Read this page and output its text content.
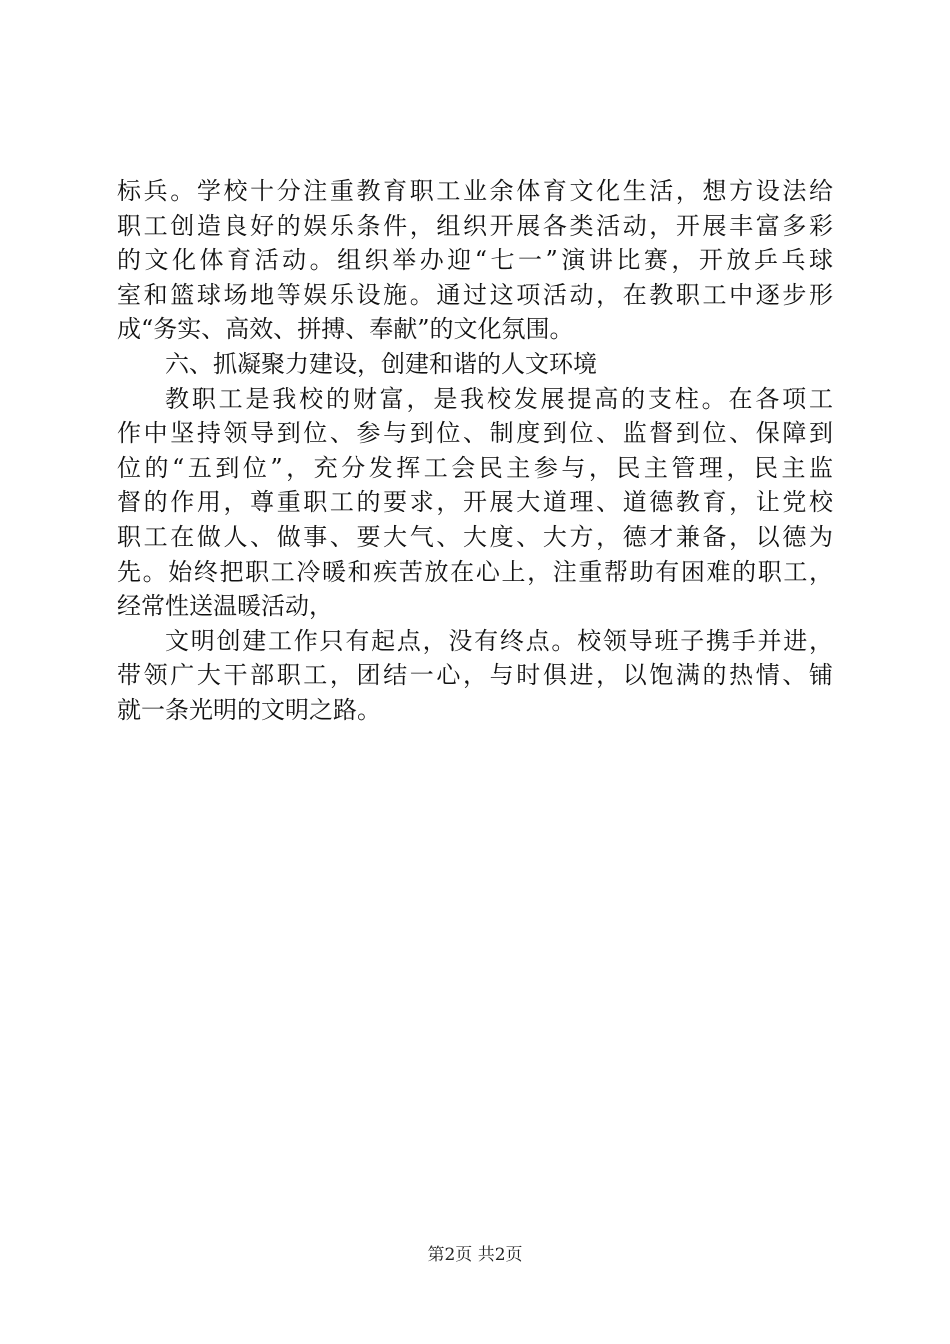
标兵。学校十分注重教育职工业余体育文化生活，想方设法给
职工创造良好的娱乐条件，组织开展各类活动，开展丰富多彩
的文化体育活动。组织举办迎“七一”演讲比赛，开放乒乓球
室和篮球场地等娱乐设施。通过这项活动，在教职工中逐步形
成“务实、高效、拼搏、奉献”的文化氛围。
六、抓凝聚力建设，创建和谐的人文环境
教职工是我校的财富，是我校发展提高的支柱。在各项工
作中坚持领导到位、参与到位、制度到位、监督到位、保障到
位的“五到位”，充分发挥工会民主参与，民主管理，民主监
督的作用，尊重职工的要求，开展大道理、道德教育，让党校
职工在做人、做事、要大气、大度、大方，德才兼备，以德为
先。始终把职工冷暖和疾苦放在心上，注重帮助有困难的职工，
经常性送温暖活动，
文明创建工作只有起点，没有终点。校领导班子携手并进，
带领广大干部职工，团结一心，与时俱进，以饱满的热情、铺
就一条光明的文明之路。
第2页 共2页
